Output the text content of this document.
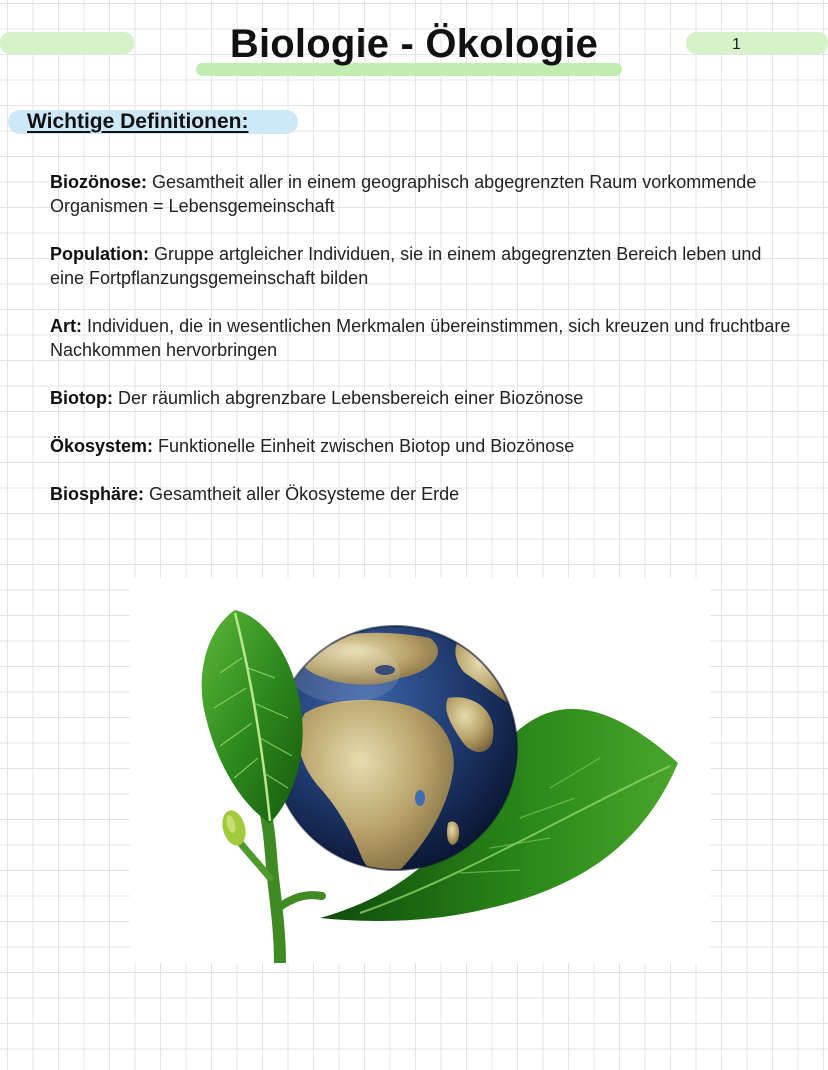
Biologie - Ökologie	1
Wichtige Definitionen:

Biozönose: Gesamtheit aller in einem geographisch abgegrenzten Raum vorkommende Organismen = Lebensgemeinschaft

Population: Gruppe artgleicher Individuen, sie in einem abgegrenzten Bereich leben und eine Fortpflanzungsgemeinschaft bilden

Art: Individuen, die in wesentlichen Merkmalen übereinstimmen, sich kreuzen und fruchtbare Nachkommen hervorbringen

Biotop: Der räumlich abgrenzbare Lebensbereich einer Biozönose

Ökosystem: Funktionelle Einheit zwischen Biotop und Biozönose

Biosphäre: Gesamtheit aller Ökosysteme der Erde
